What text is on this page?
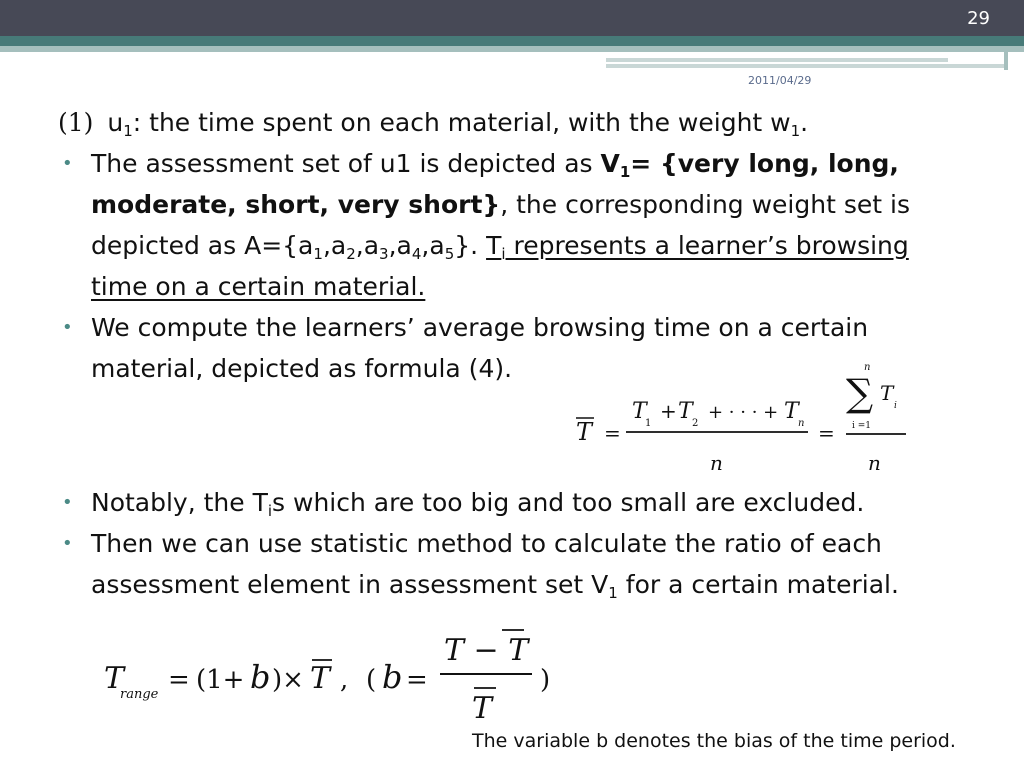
29
2011/04/29
(1) $u_1$: the time spent on each material, with the weight $w_1$.
• The assessment set of u1 is depicted as $V_1=$ {very long, long,
moderate, short, very short}, the corresponding weight set is
depicted as $A=\{a_1,a_2,a_3,a_4,a_5\}$. $T_i$ represents a learner’s browsing
time on a certain material.
• We compute the learners’ average browsing time on a certain
material, depicted as formula (4).
• Notably, the $T_is$ which are too big and too small are excluded.
• Then we can use statistic method to calculate the ratio of each
assessment element in assessment set $V_1$ for a certain material.
T =
T
1
+ T 2
+ · · · + T n
n
=
n
∑ T
i
i =1
n
T
range = (1+ b )× T , ( b =
T − T
T
)
The variable b denotes the bias of the time period.
